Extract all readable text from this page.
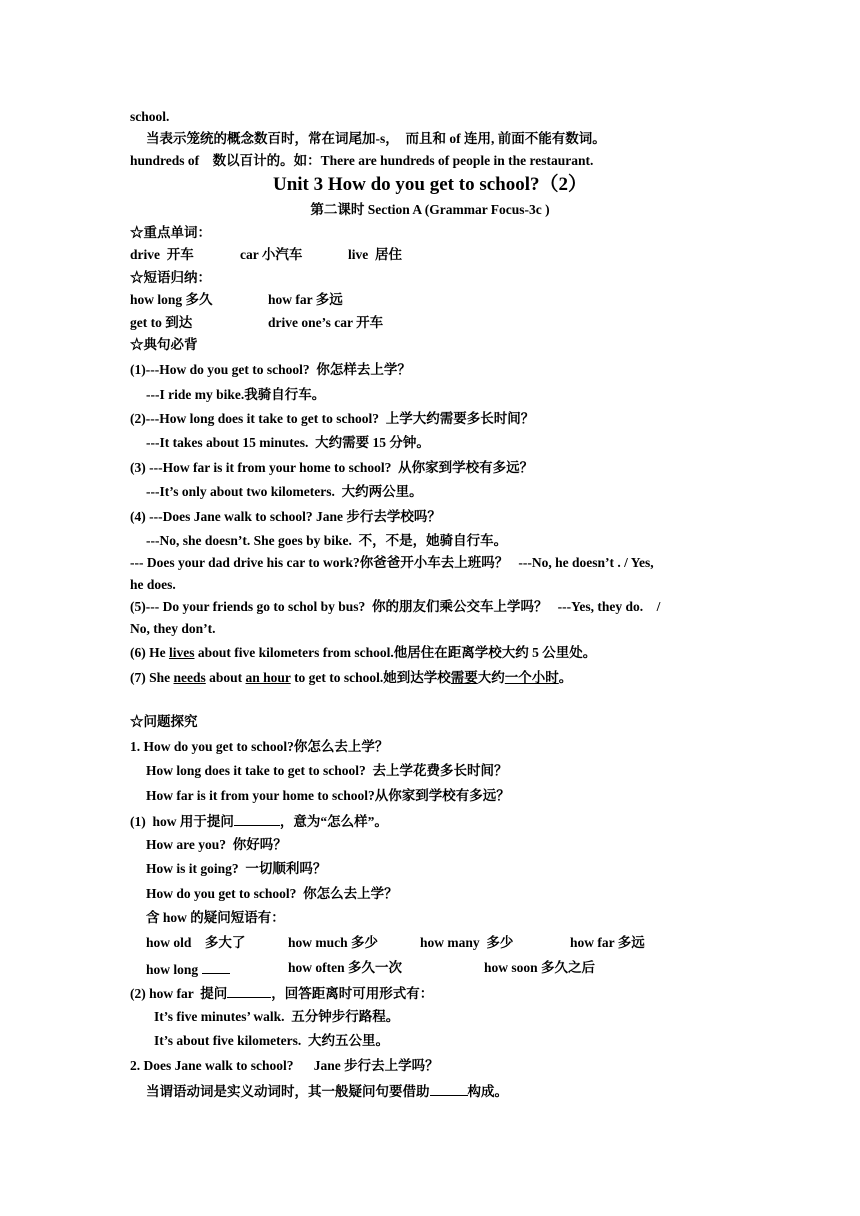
school.
当表示笼统的概念数百时，常在词尾加-s，  而且和 of 连用, 前面不能有数词。
hundreds of    数以百计的。如：There are hundreds of people in the restaurant.
Unit 3 How do you get to school?（2）
第二课时 Section A (Grammar Focus-3c )
☆重点单词：
drive  开车	car 小汽车	live  居住
☆短语归纳：
how long 多久	how far 多远
get to 到达	drive one’s car 开车
☆典句必背
(1)---How do you get to school?  你怎样去上学？
---I ride my bike.我骑自行车。
(2)---How long does it take to get to school?  上学大约需要多长时间？
---It takes about 15 minutes.  大约需要 15 分钟。
(3) ---How far is it from your home to school?  从你家到学校有多远？
---It’s only about two kilometers.  大约两公里。
(4) ---Does Jane walk to school? Jane 步行去学校吗？
---No, she doesn’t. She goes by bike.  不，不是，她骑自行车。
--- Does your dad drive his car to work?你爸爸开小车去上班吗？   ---No, he doesn’t . / Yes,
he does.
(5)--- Do your friends go to schol by bus?  你的朋友们乘公交车上学吗？   ---Yes, they do.    /
No, they don’t.
(6) He lives about five kilometers from school.他居住在距离学校大约 5 公里处。
(7) She needs about an hour to get to school.她到达学校需要大约一个小时。
☆问题探究
1. How do you get to school?你怎么去上学？
How long does it take to get to school?  去上学花费多长时间？
How far is it from your home to school?从你家到学校有多远？
(1)  how 用于提问	，意为“怎么样”。
How are you?  你好吗？
How is it going?  一切顺利吗？
How do you get to school?  你怎么去上学？
含 how 的疑问短语有：
how old    多大了	how much 多少	how many  多少	how far 多远
how long	how often 多久一次	how soon 多久之后
(2) how far  提问	，回答距离时可用形式有：
It’s five minutes’ walk.  五分钟步行路程。
It’s about five kilometers.  大约五公里。
2. Does Jane walk to school?      Jane 步行去上学吗？
当谓语动词是实义动词时，其一般疑问句要借助	构成。
